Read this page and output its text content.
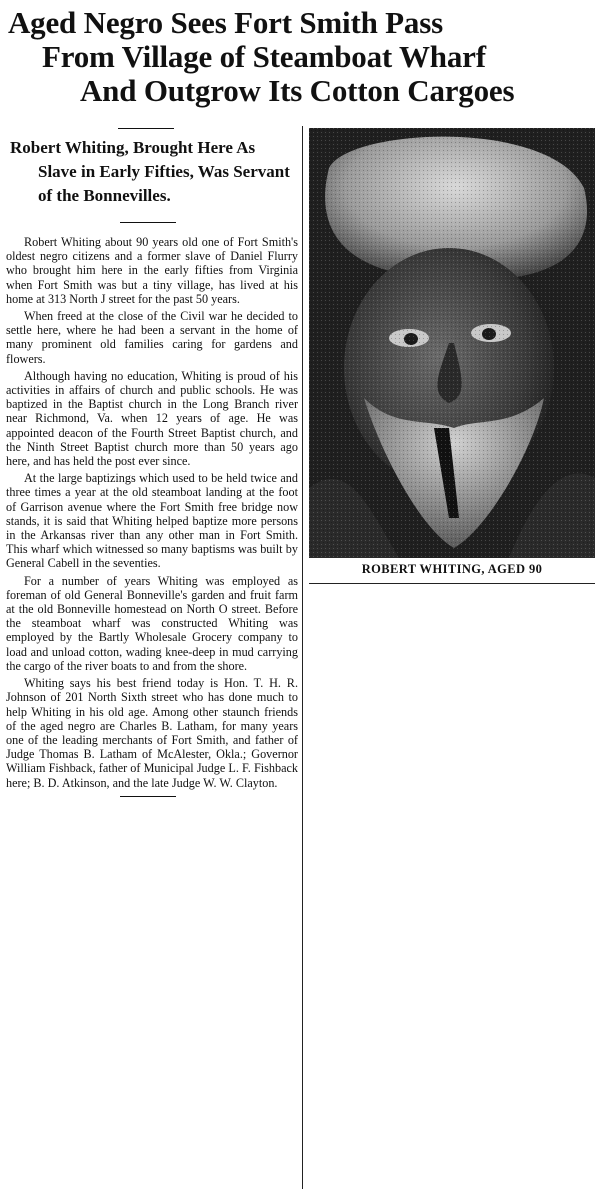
Aged Negro Sees Fort Smith Pass
From Village of Steamboat Wharf
And Outgrow Its Cotton Cargoes
Robert Whiting, Brought Here As Slave in Early Fifties, Was Servant of the Bonnevilles.

Robert Whiting about 90 years old one of Fort Smith's oldest negro citizens and a former slave of Daniel Flurry who brought him here in the early fifties from Virginia when Fort Smith was but a tiny village, has lived at his home at 313 North J street for the past 50 years.

When freed at the close of the Civil war he decided to settle here, where he had been a servant in the home of many prominent old families caring for gardens and flowers.

Although having no education, Whiting is proud of his activities in affairs of church and public schools. He was baptized in the Baptist church in the Long Branch river near Richmond, Va. when 12 years of age. He was appointed deacon of the Fourth Street Baptist church, and the Ninth Street Baptist church more than 50 years ago here, and has held the post ever since.

At the large baptizings which used to be held twice and three times a year at the old steamboat landing at the foot of Garrison avenue where the Fort Smith free bridge now stands, it is said that Whiting helped baptize more persons in the Arkansas river than any other man in Fort Smith. This wharf which witnessed so many baptisms was built by General Cabell in the seventies.

For a number of years Whiting was employed as foreman of old General Bonneville's garden and fruit farm at the old Bonneville homestead on North O street. Before the steamboat wharf was constructed Whiting was employed by the Bartly Wholesale Grocery company to load and unload cotton, wading knee-deep in mud carrying the cargo of the river boats to and from the shore.

Whiting says his best friend today is Hon. T. H. R. Johnson of 201 North Sixth street who has done much to help Whiting in his old age. Among other staunch friends of the aged negro are Charles B. Latham, for many years one of the leading merchants of Fort Smith, and father of Judge Thomas B. Latham of McAlester, Okla.; Governor William Fishback, father of Municipal Judge L. F. Fishback here; B. D. Atkinson, and the late Judge W. W. Clayton.

ROBERT WHITING, AGED 90
